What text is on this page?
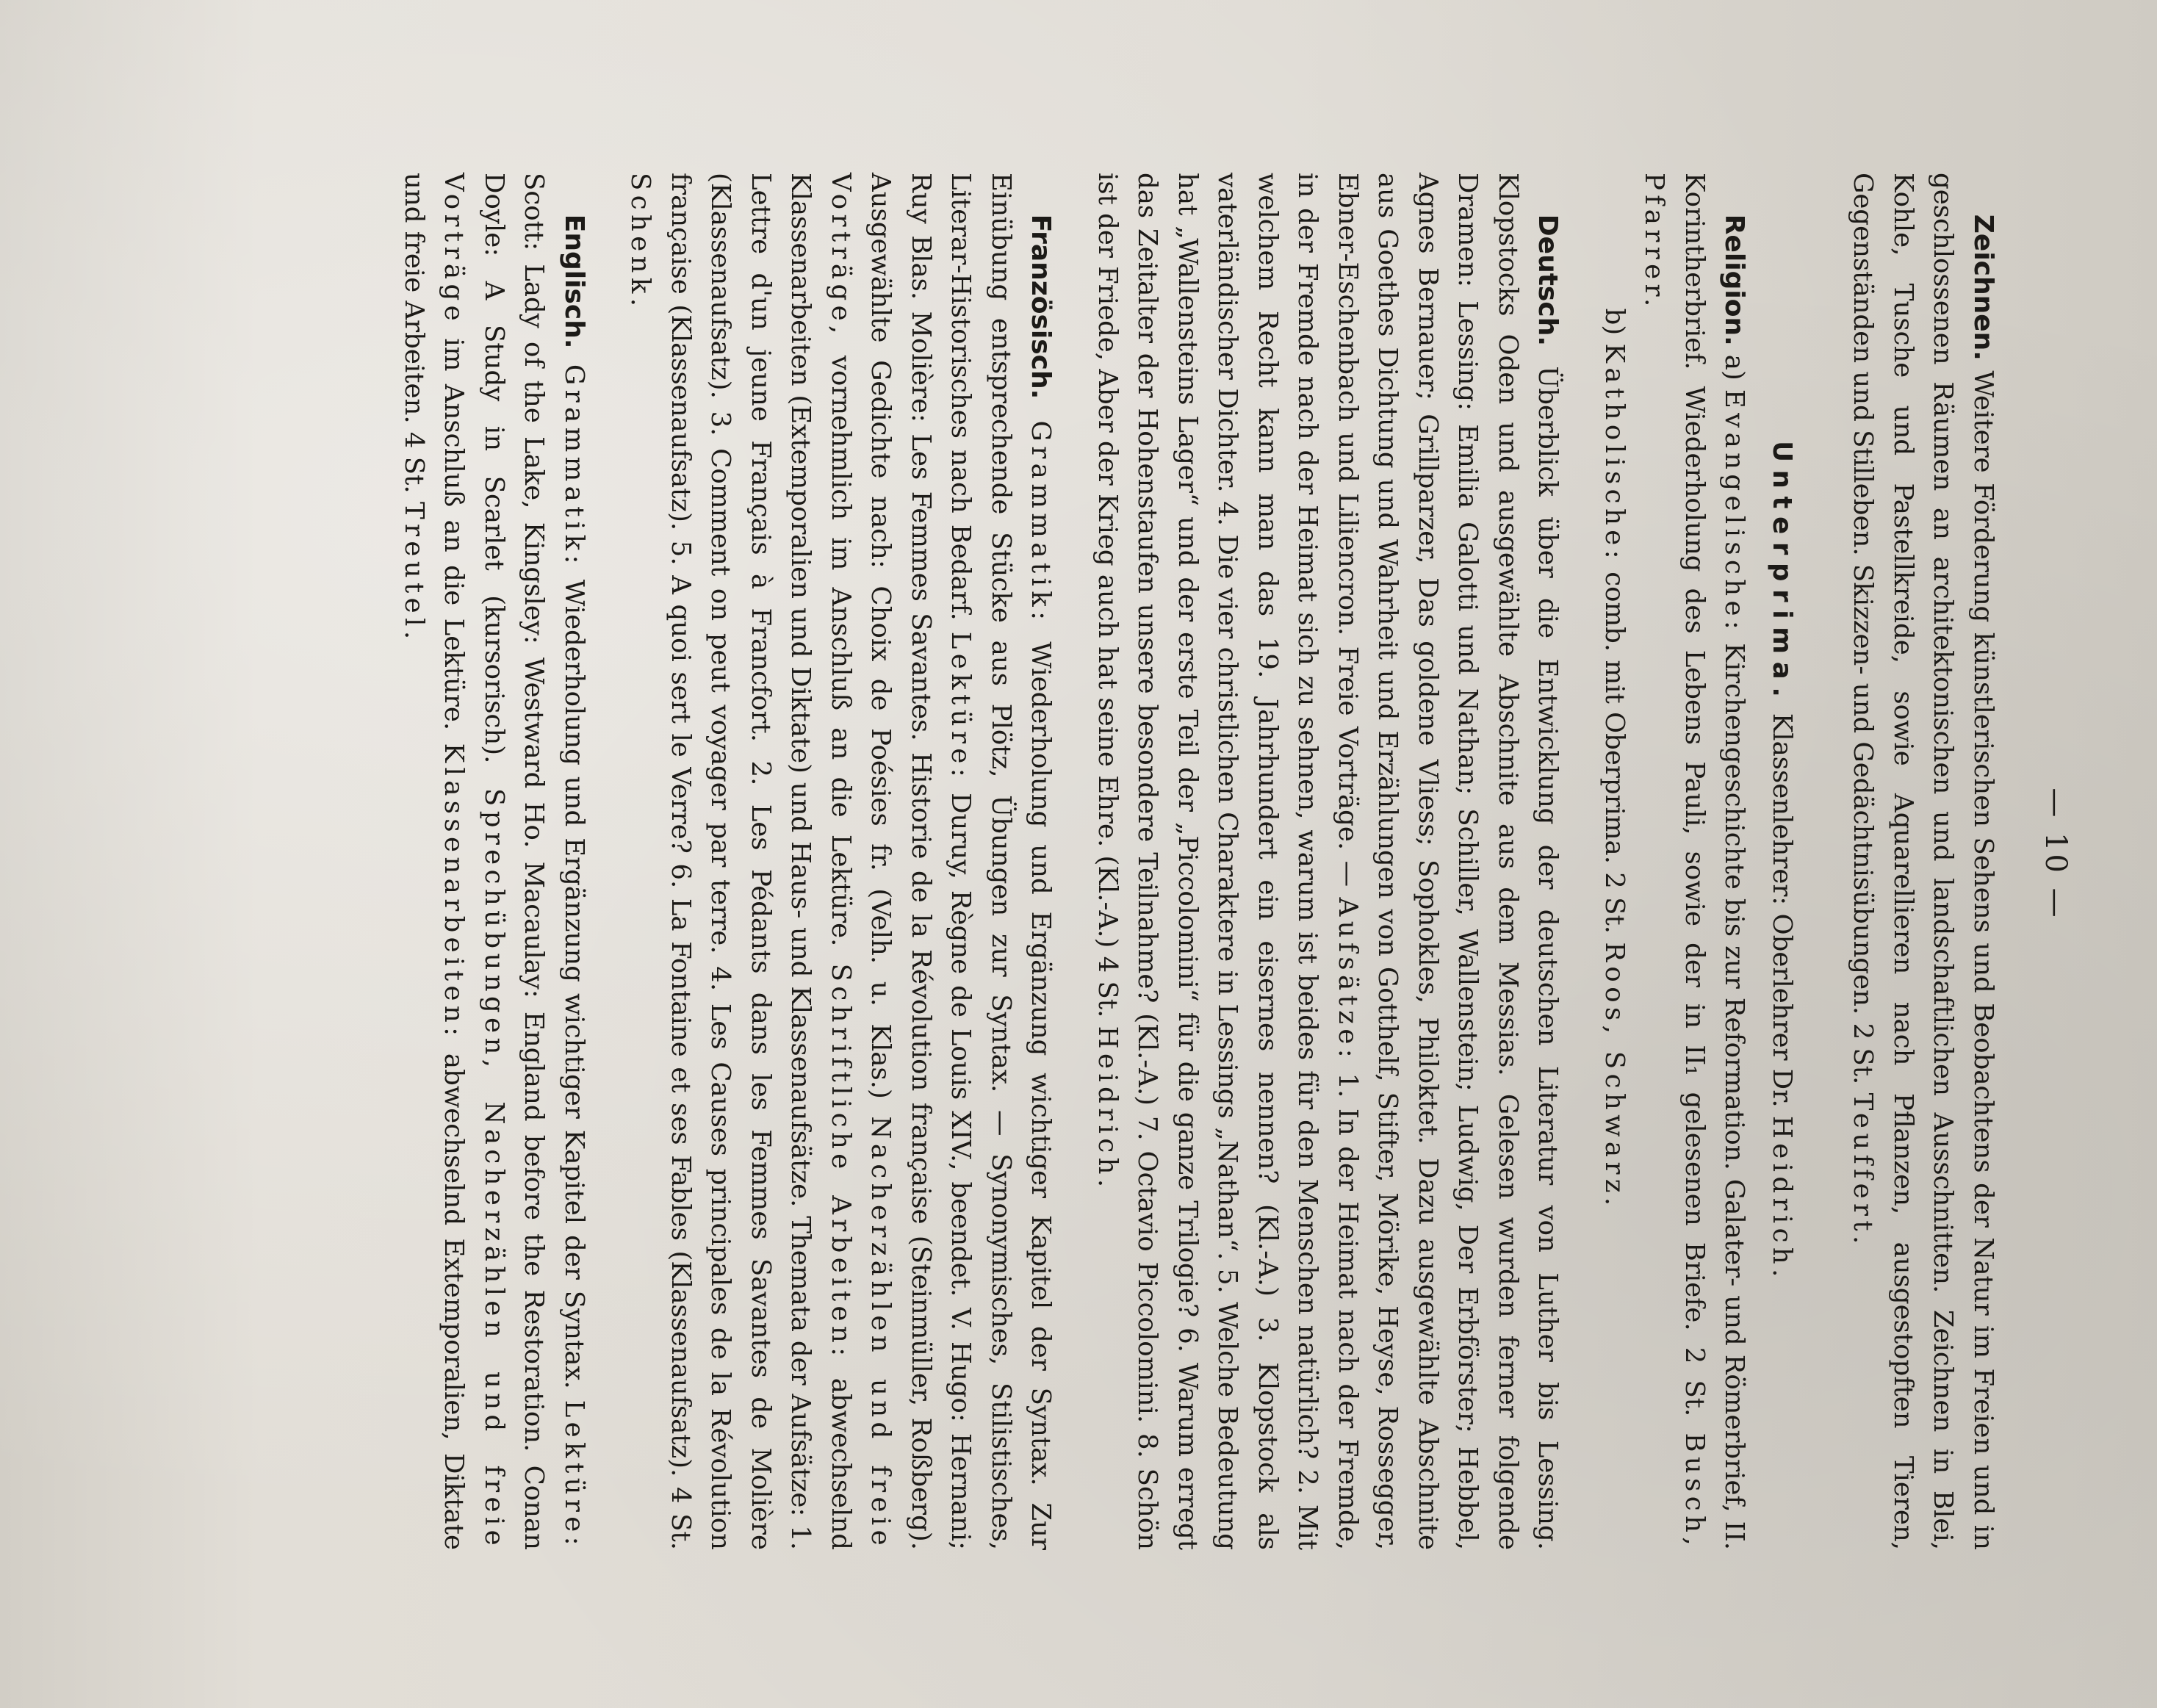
— 10 —

Zeichnen. Weitere Förderung künstlerischen Sehens und Beobachtens der Natur im Freien und in geschlossenen Räumen an architektonischen und landschaftlichen Ausschnitten. Zeichnen in Blei, Kohle, Tusche und Pastellkreide, sowie Aquarellieren nach Pflanzen, ausgestopften Tieren, Gegenständen und Stilleben. Skizzen- und Gedächtnisübungen. 2 St. Teuffert.

Unterprima. Klassenlehrer: Oberlehrer Dr. Heidrich.

Religion. a) Evangelische: Kirchengeschichte bis zur Reformation. Galater- und Römerbrief, II. Korintherbrief. Wiederholung des Lebens Pauli, sowie der in II₁ gelesenen Briefe. 2 St. Busch, Pfarrer.

b) Katholische: comb. mit Oberprima. 2 St. Roos, Schwarz.

Deutsch. Überblick über die Entwicklung der deutschen Literatur von Luther bis Lessing. Klopstocks Oden und ausgewählte Abschnite aus dem Messias. Gelesen wurden ferner folgende Dramen: Lessing: Emilia Galotti und Nathan; Schiller, Wallenstein; Ludwig, Der Erbförster; Hebbel, Agnes Bernauer; Grillparzer, Das goldene Vliess; Sophokles, Philoktet. Dazu ausgewählte Abschnite aus Goethes Dichtung und Wahrheit und Erzählungen von Gotthelf, Stifter, Mörike, Heyse, Rossegger, Ebner-Eschenbach und Liliencron. Freie Vorträge. — Aufsätze: 1. In der Heimat nach der Fremde, in der Fremde nach der Heimat sich zu sehnen, warum ist beides für den Menschen natürlich? 2. Mit welchem Recht kann man das 19. Jahrhundert ein eisernes nennen? (Kl.-A.) 3. Klopstock als vaterländischer Dichter. 4. Die vier christlichen Charaktere in Lessings „Nathan“. 5. Welche Bedeutung hat „Wallensteins Lager“ und der erste Teil der „Piccolomini“ für die ganze Trilogie? 6. Warum erregt das Zeitalter der Hohenstaufen unsere besondere Teilnahme? (Kl.-A.) 7. Octavio Piccolomini. 8. Schön ist der Friede, Aber der Krieg auch hat seine Ehre. (Kl.-A.) 4 St. Heidrich.

Französisch. Grammatik: Wiederholung und Ergänzung wichtiger Kapitel der Syntax. Zur Einübung entsprechende Stücke aus Plötz, Übungen zur Syntax. — Synonymisches, Stilistisches, Literar-Historisches nach Bedarf. Lektüre: Duruy, Règne de Louis XIV., beendet. V. Hugo: Hernani; Ruy Blas. Molière: Les Femmes Savantes. Historie de la Révolution française (Steinmüller, Roßberg). Ausgewählte Gedichte nach: Choix de Poésies fr. (Velh. u. Klas.) Nacherzählen und freie Vorträge, vornehmlich im Anschluß an die Lektüre. Schriftliche Arbeiten: abwechselnd Klassenarbeiten (Extemporalien und Diktate) und Haus- und Klassenaufsätze. Themata der Aufsätze: 1. Lettre d'un jeune Français à Francfort. 2. Les Pédants dans les Femmes Savantes de Molière (Klassenaufsatz). 3. Comment on peut voyager par terre. 4. Les Causes principales de la Révolution française (Klassenaufsatz). 5. A quoi sert le Verre? 6. La Fontaine et ses Fables (Klassenaufsatz). 4 St. Schenk.

Englisch. Grammatik: Wiederholung und Ergänzung wichtiger Kapitel der Syntax. Lektüre: Scott: Lady of the Lake, Kingsley: Westward Ho. Macaulay: England before the Restoration. Conan Doyle: A Study in Scarlet (kursorisch). Sprechübungen, Nacherzählen und freie Vorträge im Anschluß an die Lektüre. Klassenarbeiten: abwechselnd Extemporalien, Diktate und freie Arbeiten. 4 St. Treutel.
